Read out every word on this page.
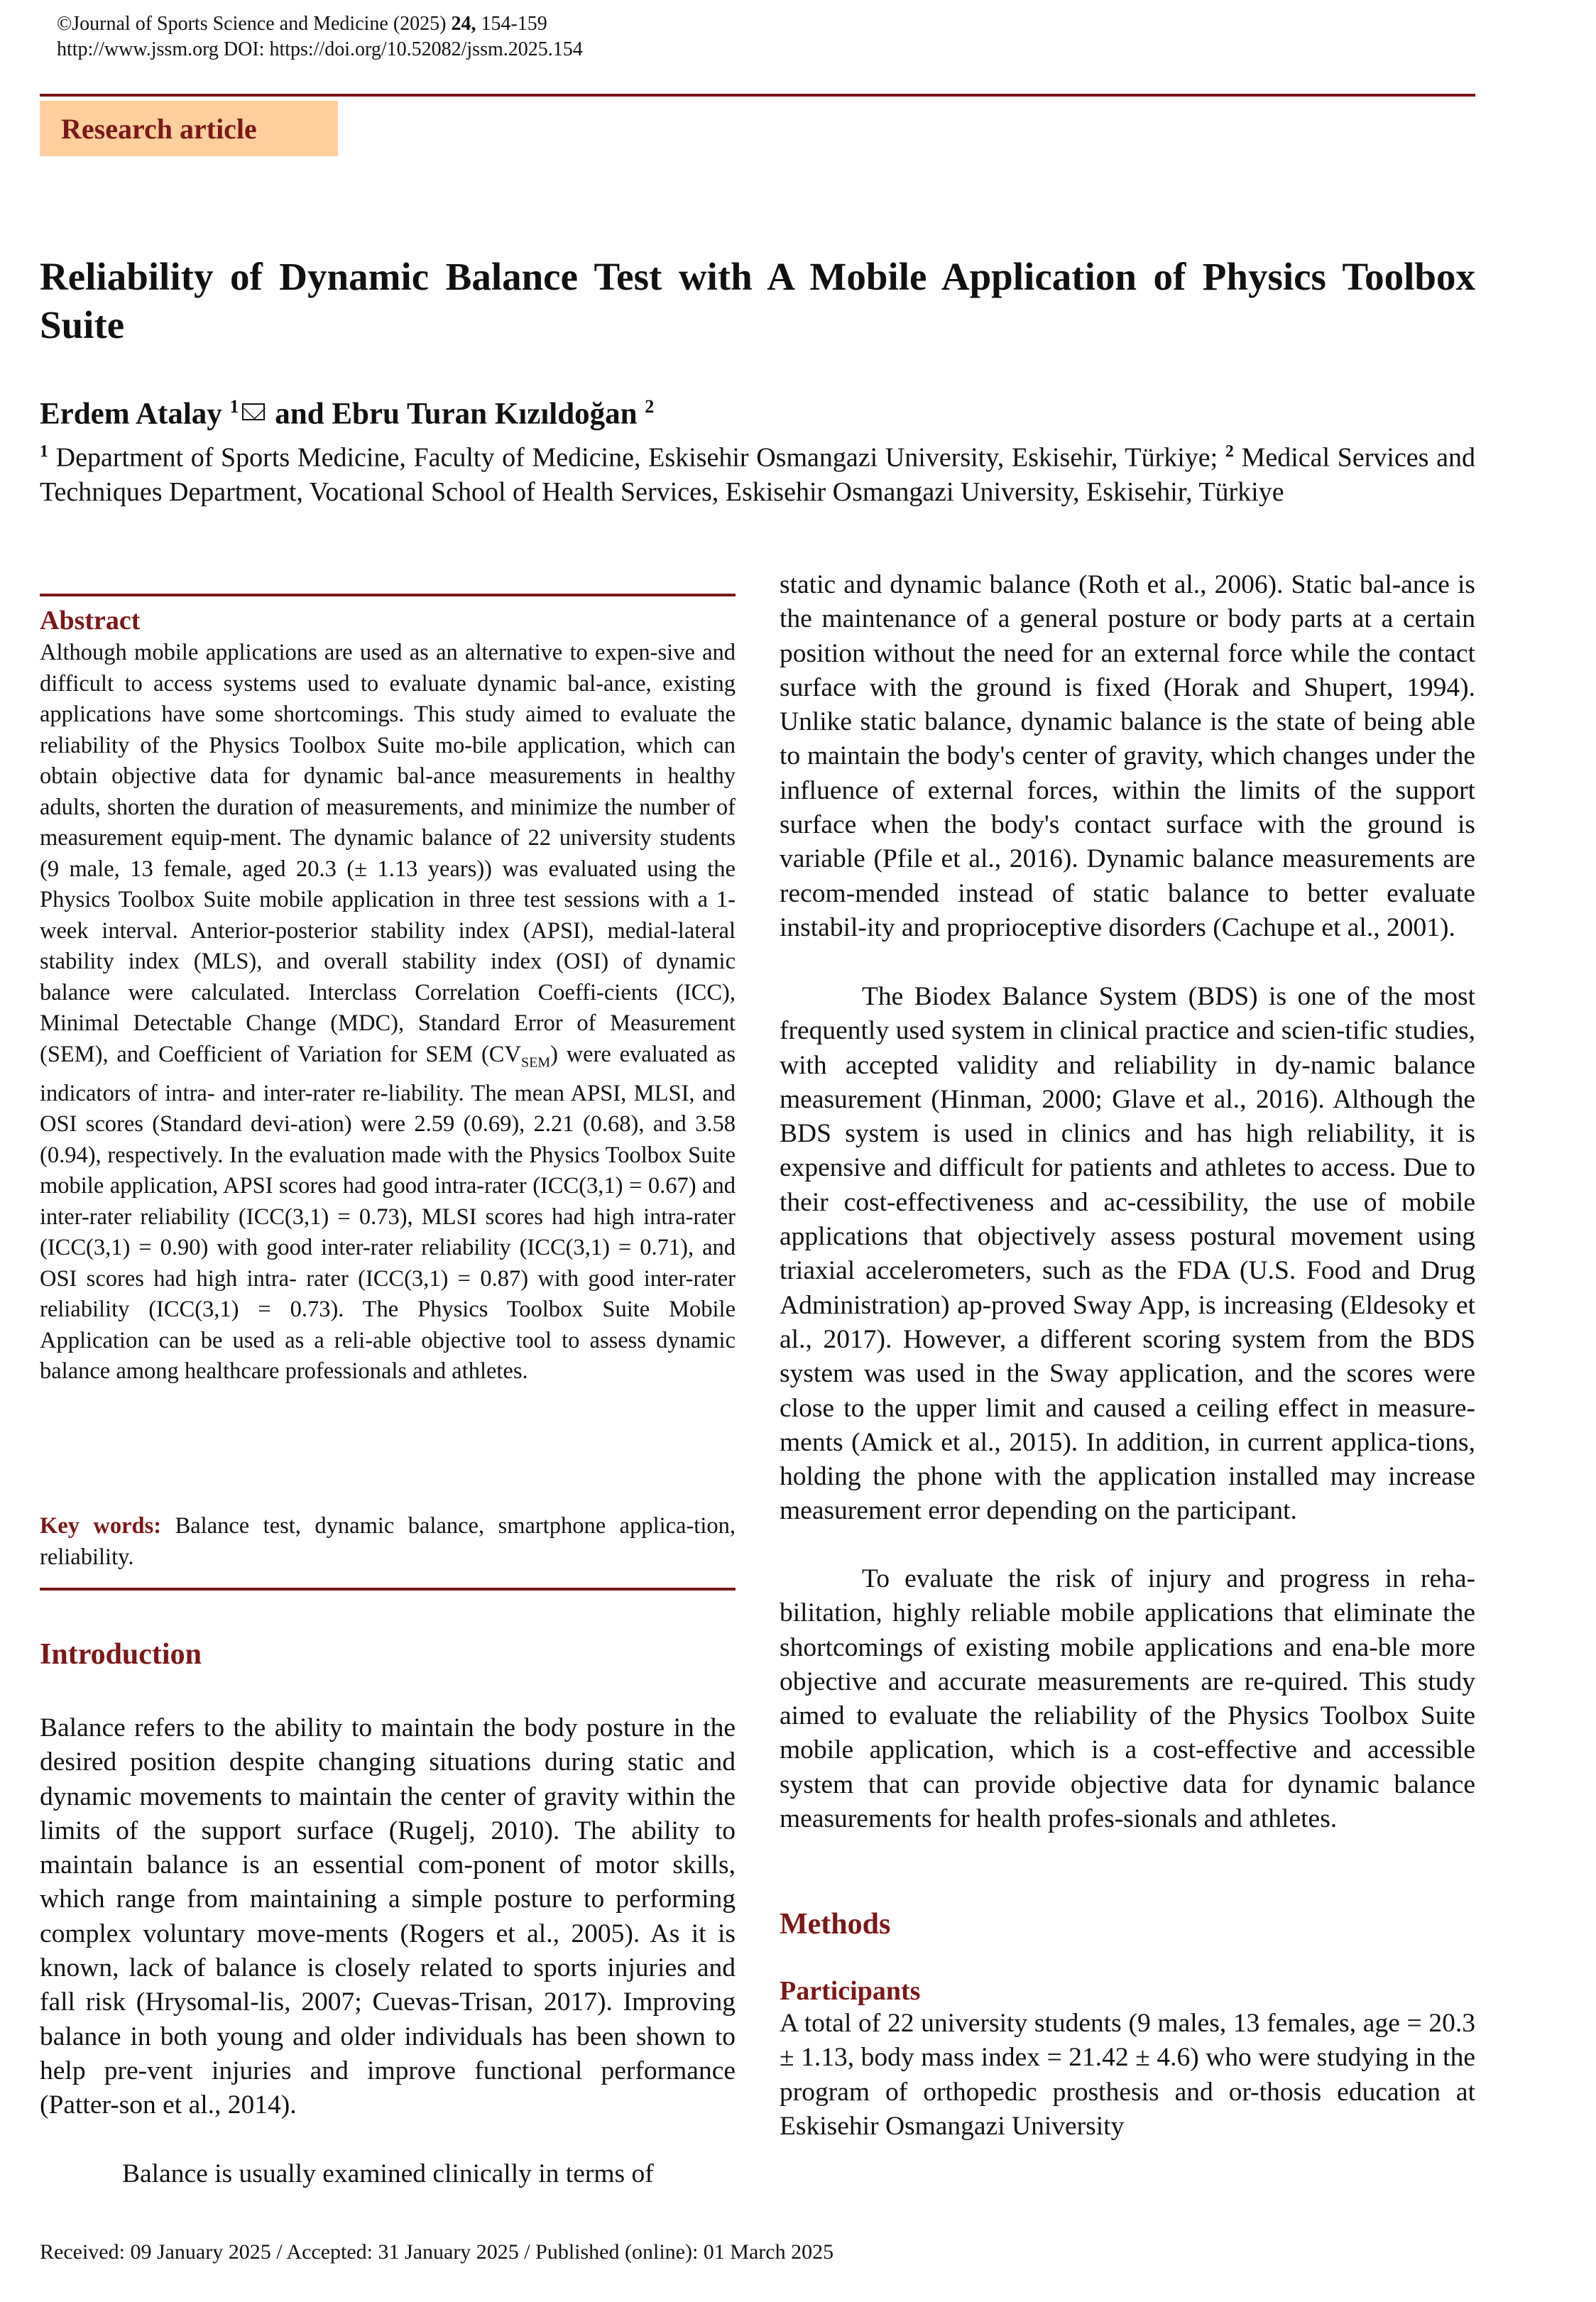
©Journal of Sports Science and Medicine (2025) 24, 154-159
http://www.jssm.org DOI: https://doi.org/10.52082/jssm.2025.154
Research article
Reliability of Dynamic Balance Test with A Mobile Application of Physics Toolbox Suite
Erdem Atalay $^1$ and Ebru Turan Kızıldoğan $^2$
$^1$ Department of Sports Medicine, Faculty of Medicine, Eskisehir Osmangazi University, Eskisehir, Türkiye; $^2$ Medical Services and Techniques Department, Vocational School of Health Services, Eskisehir Osmangazi University, Eskisehir, Türkiye
Abstract
Although mobile applications are used as an alternative to expen-sive and difficult to access systems used to evaluate dynamic bal-ance, existing applications have some shortcomings. This study aimed to evaluate the reliability of the Physics Toolbox Suite mo-bile application, which can obtain objective data for dynamic bal-ance measurements in healthy adults, shorten the duration of measurements, and minimize the number of measurement equip-ment. The dynamic balance of 22 university students (9 male, 13 female, aged 20.3 (± 1.13 years)) was evaluated using the Physics Toolbox Suite mobile application in three test sessions with a 1-week interval. Anterior-posterior stability index (APSI), medial-lateral stability index (MLS), and overall stability index (OSI) of dynamic balance were calculated. Interclass Correlation Coeffi-cients (ICC), Minimal Detectable Change (MDC), Standard Error of Measurement (SEM), and Coefficient of Variation for SEM $(CV_{SEM})$ were evaluated as indicators of intra- and inter-rater re-liability. The mean APSI, MLSI, and OSI scores (Standard devi-ation) were 2.59 (0.69), 2.21 (0.68), and 3.58 (0.94), respectively. In the evaluation made with the Physics Toolbox Suite mobile application, APSI scores had good intra-rater (ICC(3,1) = 0.67) and inter-rater reliability (ICC(3,1) = 0.73), MLSI scores had high intra-rater (ICC(3,1) = 0.90) with good inter-rater reliability (ICC(3,1) = 0.71), and OSI scores had high intra- rater (ICC(3,1) = 0.87) with good inter-rater reliability (ICC(3,1) = 0.73). The Physics Toolbox Suite Mobile Application can be used as a reli-able objective tool to assess dynamic balance among healthcare professionals and athletes.
Key words: Balance test, dynamic balance, smartphone applica-tion, reliability.
Introduction

Balance refers to the ability to maintain the body posture in the desired position despite changing situations during static and dynamic movements to maintain the center of gravity within the limits of the support surface (Rugelj, 2010). The ability to maintain balance is an essential com-ponent of motor skills, which range from maintaining a simple posture to performing complex voluntary move-ments (Rogers et al., 2005). As it is known, lack of balance is closely related to sports injuries and fall risk (Hrysomal-lis, 2007; Cuevas-Trisan, 2017). Improving balance in both young and older individuals has been shown to help pre-vent injuries and improve functional performance (Patter-son et al., 2014).

Balance is usually examined clinically in terms of

static and dynamic balance (Roth et al., 2006). Static bal-ance is the maintenance of a general posture or body parts at a certain position without the need for an external force while the contact surface with the ground is fixed (Horak and Shupert, 1994). Unlike static balance, dynamic balance is the state of being able to maintain the body's center of gravity, which changes under the influence of external forces, within the limits of the support surface when the body's contact surface with the ground is variable (Pfile et al., 2016). Dynamic balance measurements are recom-mended instead of static balance to better evaluate instabil-ity and proprioceptive disorders (Cachupe et al., 2001).

The Biodex Balance System (BDS) is one of the most frequently used system in clinical practice and scien-tific studies, with accepted validity and reliability in dy-namic balance measurement (Hinman, 2000; Glave et al., 2016). Although the BDS system is used in clinics and has high reliability, it is expensive and difficult for patients and athletes to access. Due to their cost-effectiveness and ac-cessibility, the use of mobile applications that objectively assess postural movement using triaxial accelerometers, such as the FDA (U.S. Food and Drug Administration) ap-proved Sway App, is increasing (Eldesoky et al., 2017). However, a different scoring system from the BDS system was used in the Sway application, and the scores were close to the upper limit and caused a ceiling effect in measure-ments (Amick et al., 2015). In addition, in current applica-tions, holding the phone with the application installed may increase measurement error depending on the participant.

To evaluate the risk of injury and progress in reha-bilitation, highly reliable mobile applications that eliminate the shortcomings of existing mobile applications and ena-ble more objective and accurate measurements are re-quired. This study aimed to evaluate the reliability of the Physics Toolbox Suite mobile application, which is a cost-effective and accessible system that can provide objective data for dynamic balance measurements for health profes-sionals and athletes.

Methods
Participants

A total of 22 university students (9 males, 13 females, age = 20.3 ± 1.13, body mass index = 21.42 ± 4.6) who were studying in the program of orthopedic prosthesis and or-thosis education at Eskisehir Osmangazi University

Received: 09 January 2025 / Accepted: 31 January 2025 / Published (online): 01 March 2025
